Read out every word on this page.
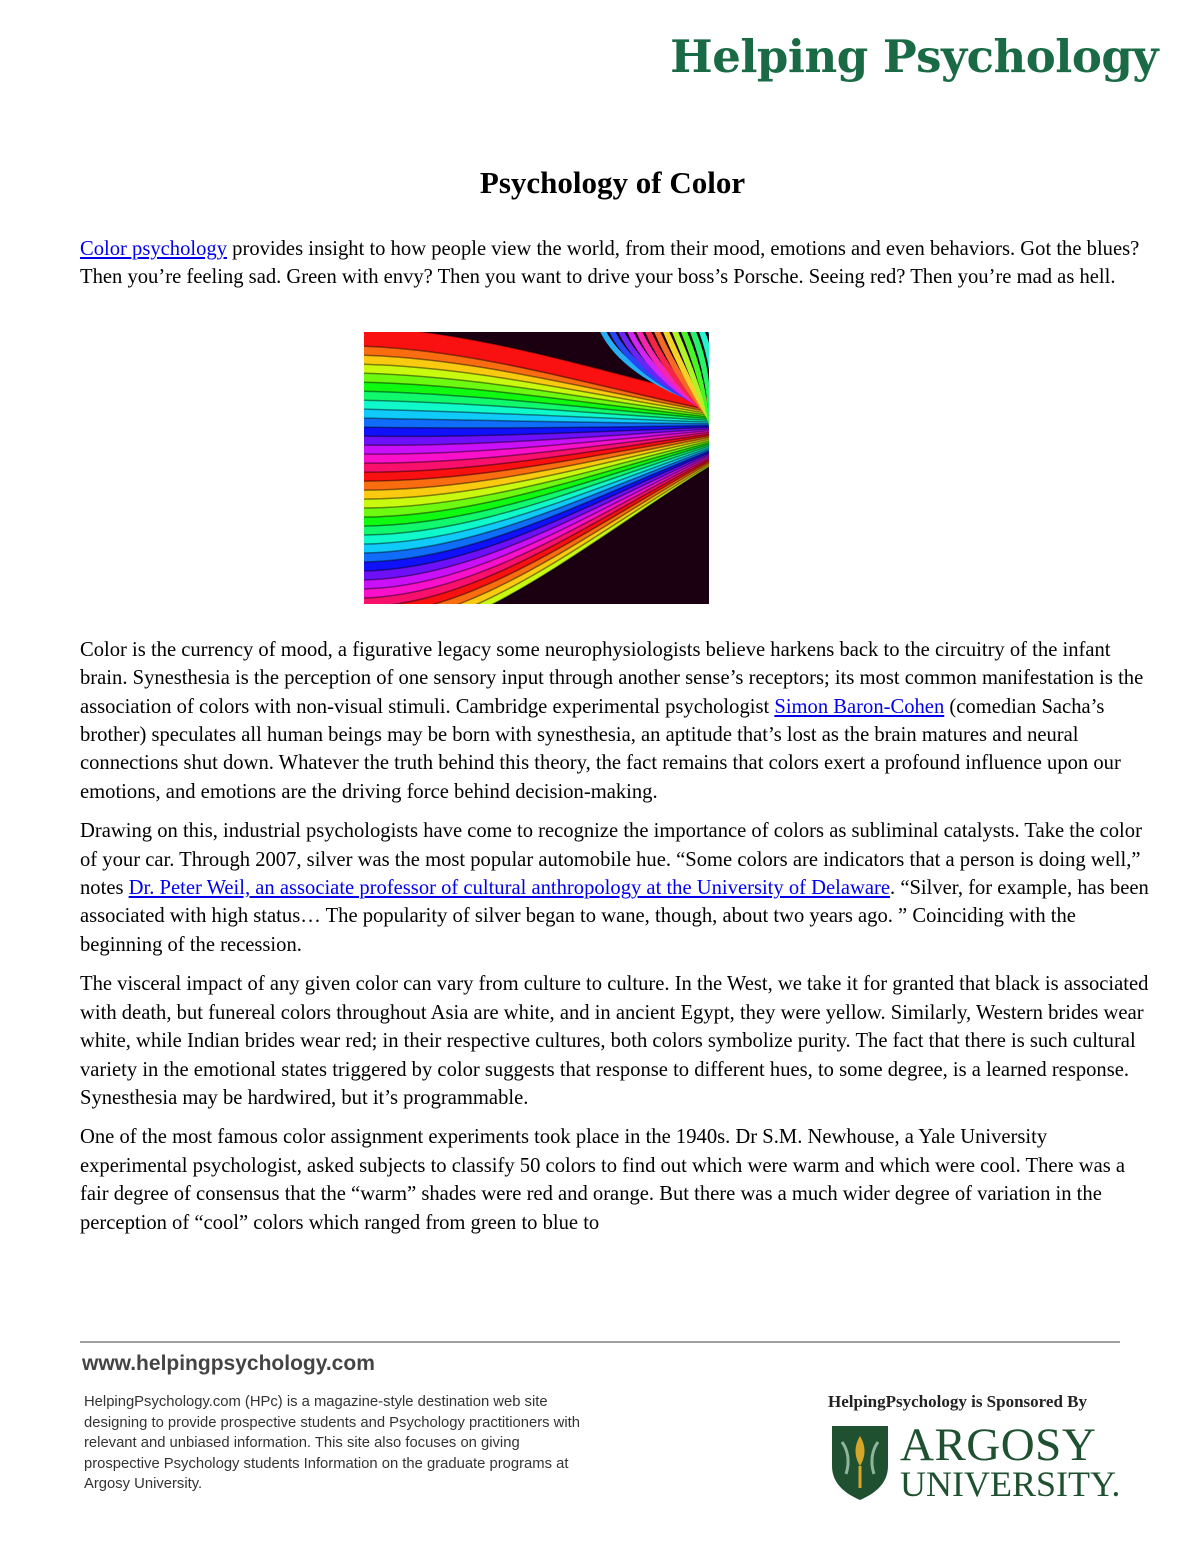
Helping Psychology
Psychology of Color

Color psychology provides insight to how people view the world, from their mood, emotions and even behaviors. Got the blues? Then you’re feeling sad. Green with envy? Then you want to drive your boss’s Porsche. Seeing red? Then you’re mad as hell.

Color is the currency of mood, a figurative legacy some neurophysiologists believe harkens back to the circuitry of the infant brain. Synesthesia is the perception of one sensory input through another sense’s receptors; its most common manifestation is the association of colors with non-visual stimuli. Cambridge experimental psychologist Simon Baron-Cohen (comedian Sacha’s brother) speculates all human beings may be born with synesthesia, an aptitude that’s lost as the brain matures and neural connections shut down. Whatever the truth behind this theory, the fact remains that colors exert a profound influence upon our emotions, and emotions are the driving force behind decision-making.

Drawing on this, industrial psychologists have come to recognize the importance of colors as subliminal catalysts. Take the color of your car. Through 2007, silver was the most popular automobile hue. “Some colors are indicators that a person is doing well,” notes Dr. Peter Weil, an associate professor of cultural anthropology at the University of Delaware. “Silver, for example, has been associated with high status… The popularity of silver began to wane, though, about two years ago. ” Coinciding with the beginning of the recession.

The visceral impact of any given color can vary from culture to culture. In the West, we take it for granted that black is associated with death, but funereal colors throughout Asia are white, and in ancient Egypt, they were yellow. Similarly, Western brides wear white, while Indian brides wear red; in their respective cultures, both colors symbolize purity. The fact that there is such cultural variety in the emotional states triggered by color suggests that response to different hues, to some degree, is a learned response. Synesthesia may be hardwired, but it’s programmable.

One of the most famous color assignment experiments took place in the 1940s. Dr S.M. Newhouse, a Yale University experimental psychologist, asked subjects to classify 50 colors to find out which were warm and which were cool. There was a fair degree of consensus that the “warm” shades were red and orange. But there was a much wider degree of variation in the perception of “cool” colors which ranged from green to blue to

www.helpingpsychology.com
HelpingPsychology.com (HPc) is a magazine-style destination web site designing to provide prospective students and Psychology practitioners with relevant and unbiased information. This site also focuses on giving prospective Psychology students Information on the graduate programs at Argosy University.
HelpingPsychology is Sponsored By
ARGOSY
UNIVERSITY.
